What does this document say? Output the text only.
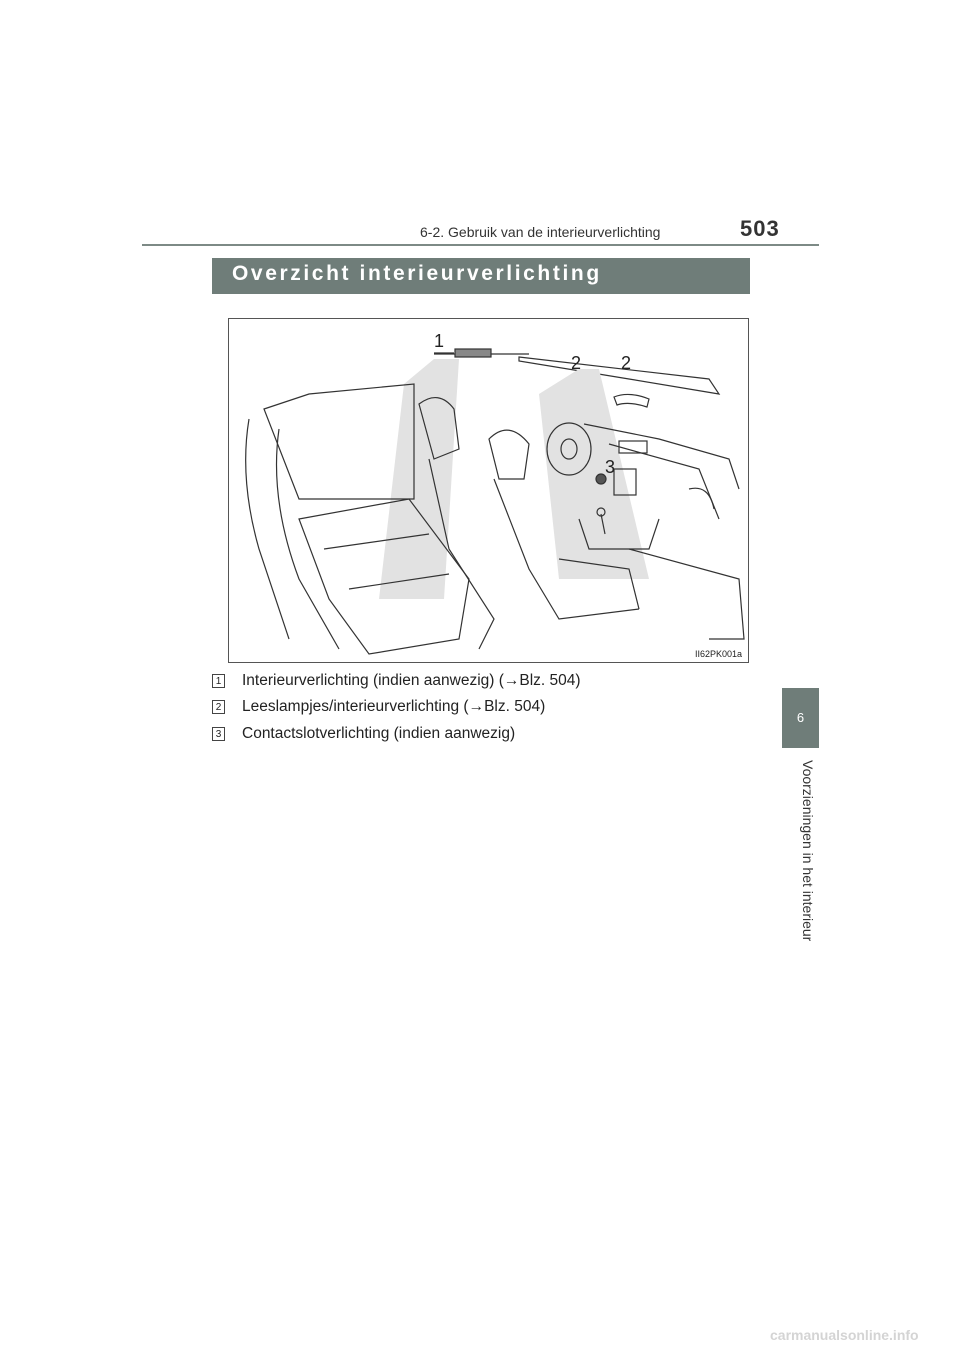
6-2. Gebruik van de interieurverlichting	503
6
Voorzieningen in het interieur
Overzicht interieurverlichting
1
2 2
3
II62PK001a
1 Interieurverlichting (indien aanwezig) (→Blz. 504)
2 Leeslampjes/interieurverlichting (→Blz. 504)
3 Contactslotverlichting (indien aanwezig)
carmanualsonline.info
